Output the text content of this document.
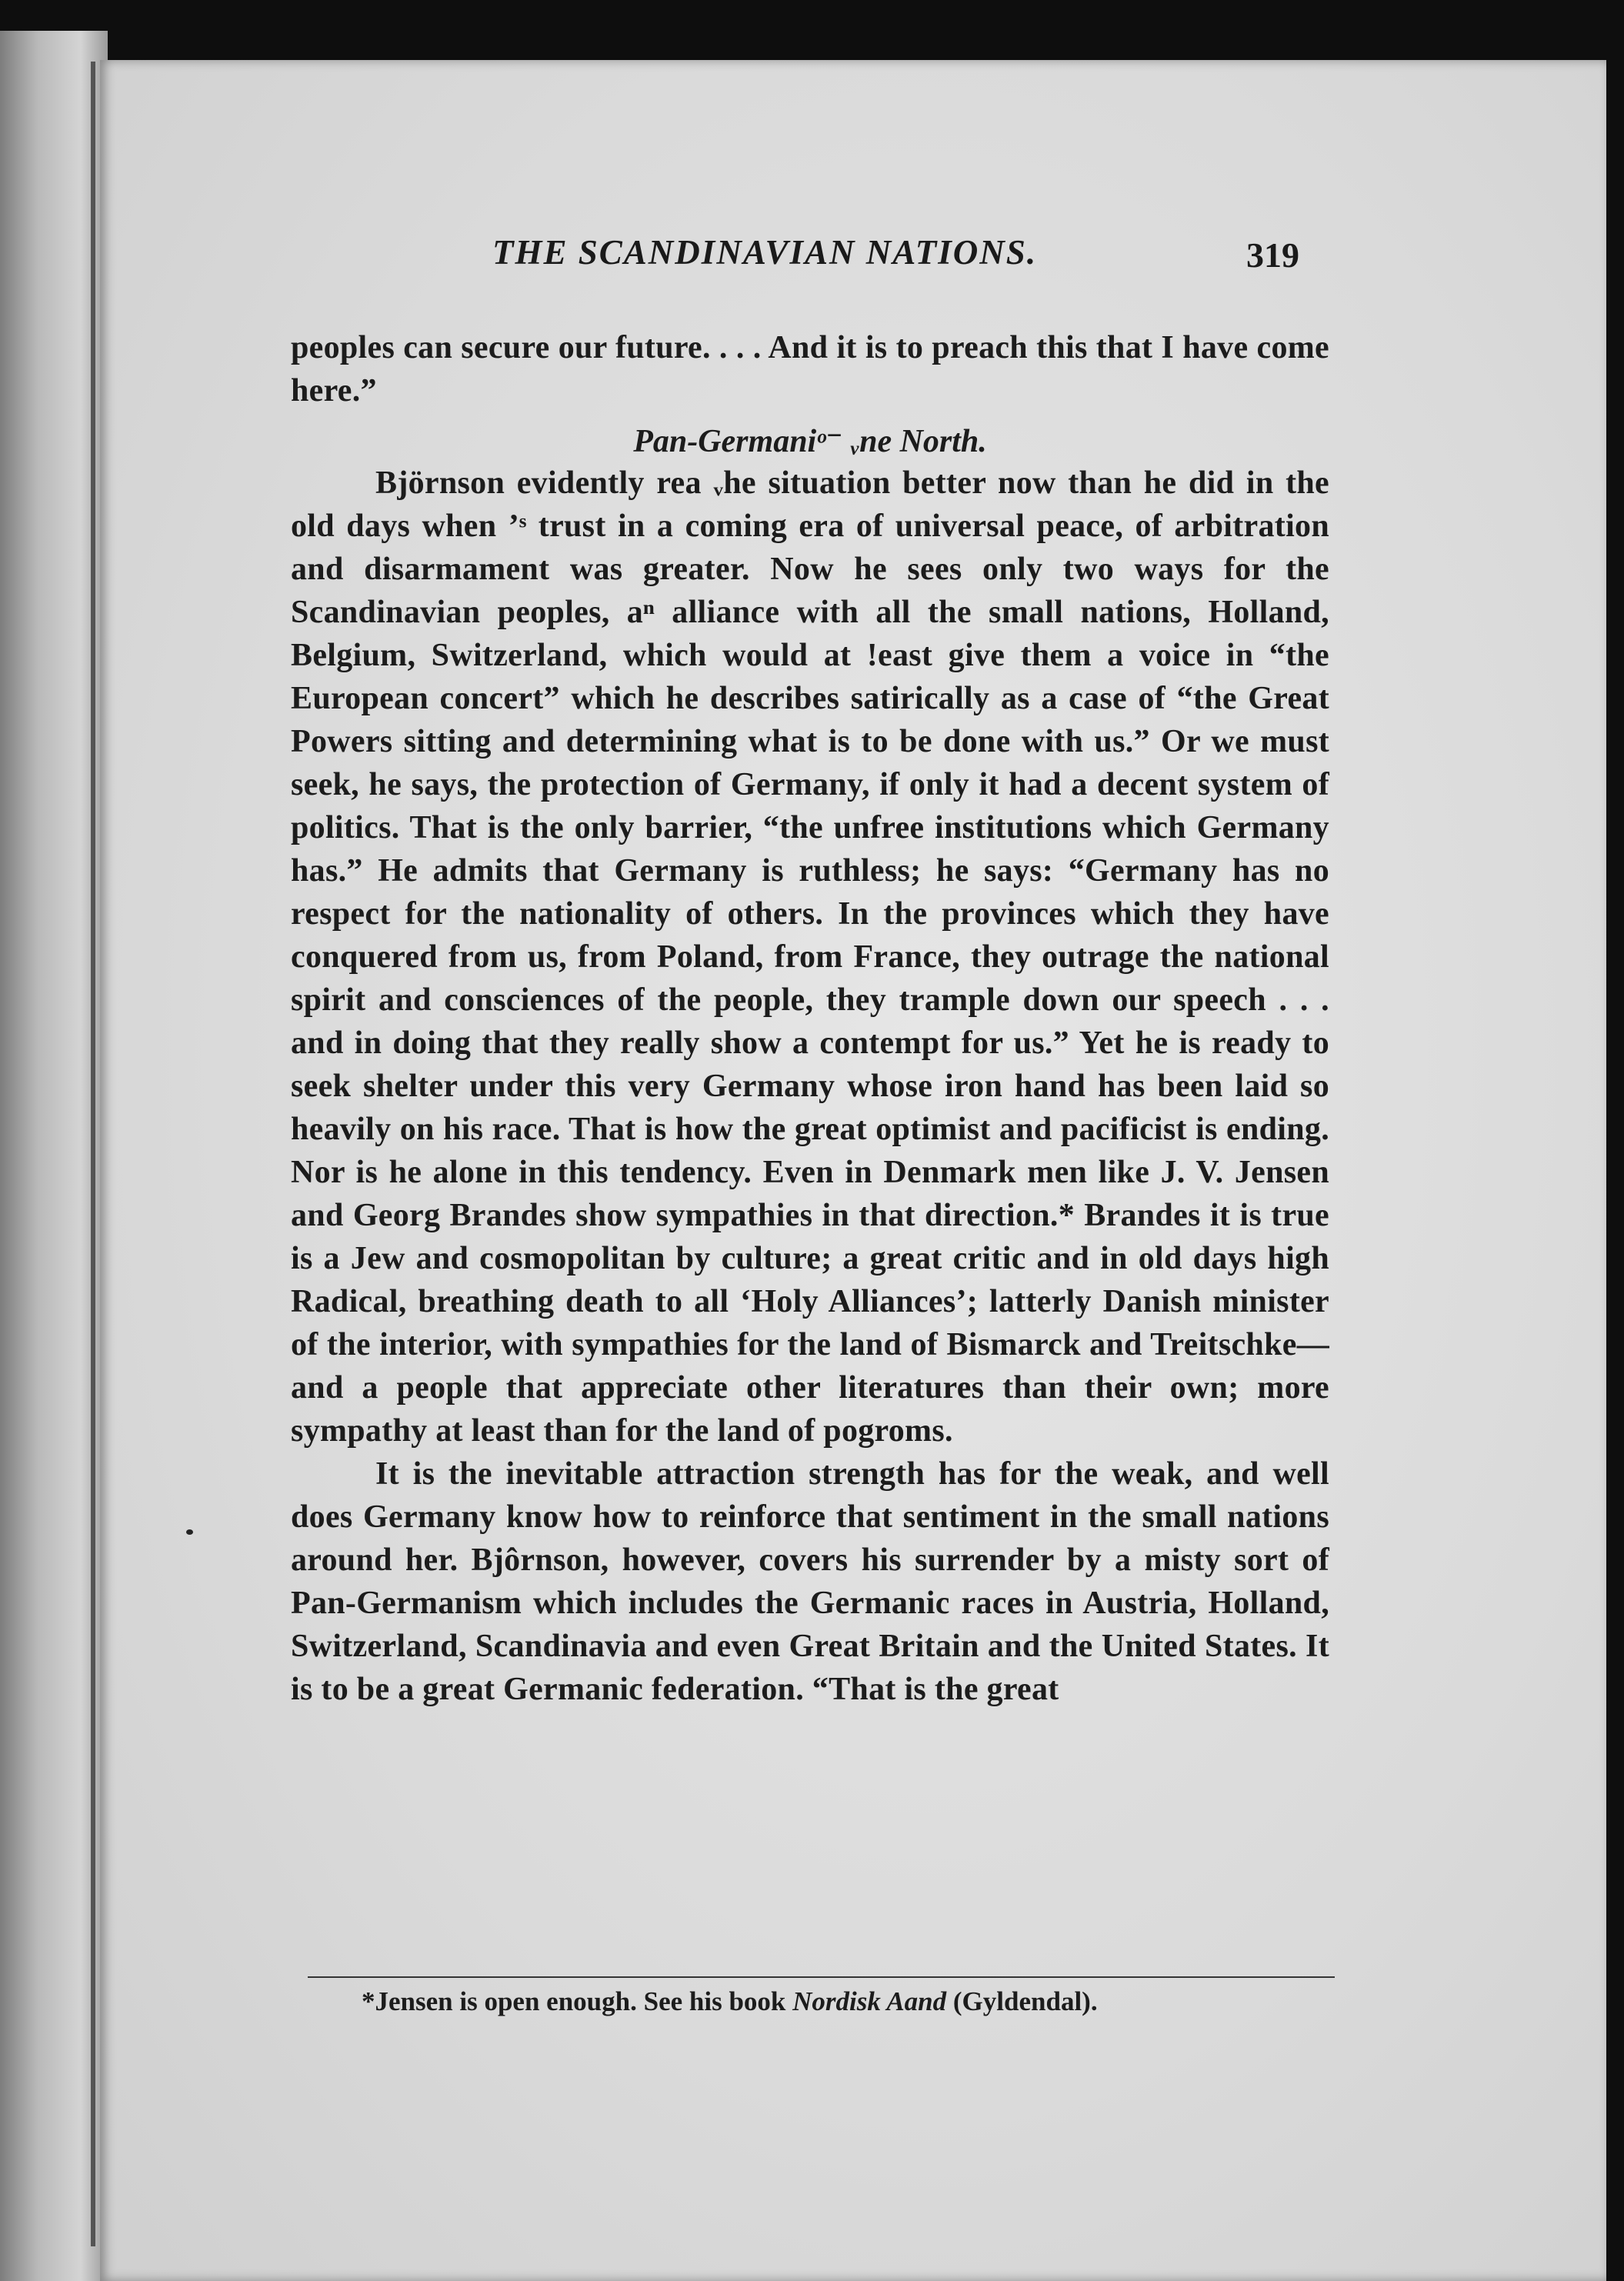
THE SCANDINAVIAN NATIONS.	319

peoples can secure our future. . . . And it is to preach this that I have come here.”

Pan-Germaniᵒ⁻ ᵥne North.

Björnson evidently rea ᵥhe situation better now than he did in the old days when ʼˢ trust in a coming era of universal peace, of arbitration and disarmament was greater. Now he sees only two ways for the Scandinavian peoples, aⁿ alliance with all the small nations, Holland, Belgium, Switzerland, which would at !east give them a voice in “the European concert” which he describes satirically as a case of “the Great Powers sitting and determining what is to be done with us.” Or we must seek, he says, the protection of Germany, if only it had a decent system of politics. That is the only barrier, “the unfree institutions which Germany has.” He admits that Germany is ruthless; he says: “Germany has no respect for the nationality of others. In the provinces which they have conquered from us, from Poland, from France, they outrage the national spirit and consciences of the people, they trample down our speech . . . and in doing that they really show a contempt for us.” Yet he is ready to seek shelter under this very Germany whose iron hand has been laid so heavily on his race. That is how the great optimist and pacificist is ending. Nor is he alone in this tendency. Even in Denmark men like J. V. Jensen and Georg Brandes show sympathies in that direction.* Brandes it is true is a Jew and cosmopolitan by culture; a great critic and in old days high Radical, breathing death to all ‘Holy Alliances’; latterly Danish minister of the interior, with sympathies for the land of Bismarck and Treitschke—and a people that appreciate other literatures than their own; more sympathy at least than for the land of pogroms.

It is the inevitable attraction strength has for the weak, and well does Germany know how to reinforce that sentiment in the small nations around her. Bjôrnson, however, covers his surrender by a misty sort of Pan-Germanism which includes the Germanic races in Austria, Holland, Switzerland, Scandinavia and even Great Britain and the United States. It is to be a great Germanic federation. “That is the great

*Jensen is open enough. See his book Nordisk Aand (Gyldendal).
